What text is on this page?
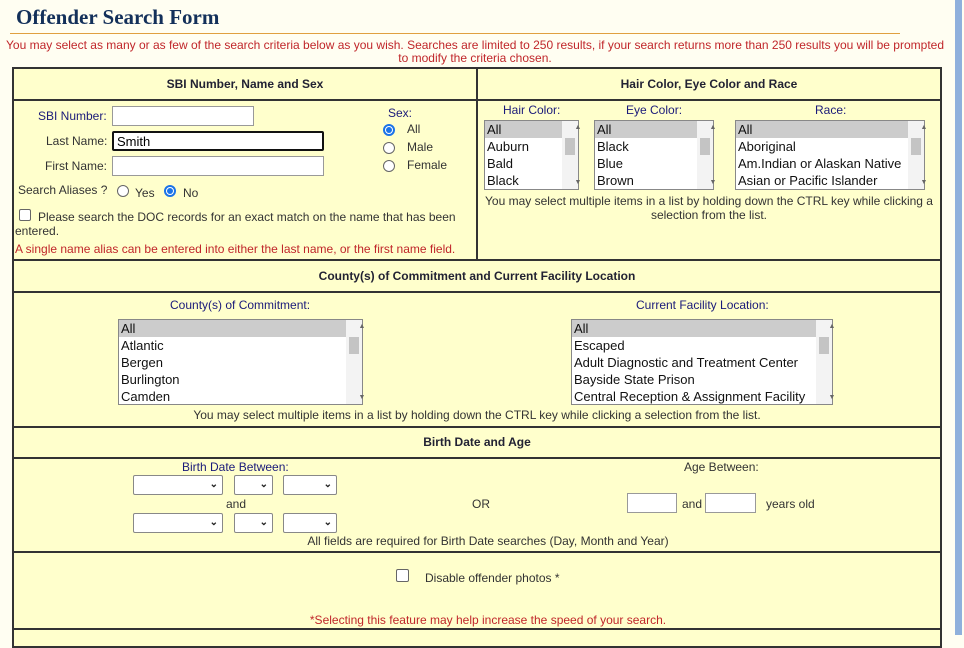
Offender Search Form
You may select as many or as few of the search criteria below as you wish. Searches are limited to 250 results, if your search returns more than 250 results you will be prompted to modify the criteria chosen.
SBI Number, Name and Sex	Hair Color, Eye Color and Race
SBI Number:
Last Name:
Smith
First Name:
Sex:
All
Male
Female
Search Aliases ? Yes No
Please search the DOC records for an exact match on the name that has been entered.
A single name alias can be entered into either the last name, or the first name field.
Hair Color:	Eye Color:	Race:
All
Auburn
Bald
Black
▲
▼
All
Black
Blue
Brown
▲
▼
All
Aboriginal
Am.Indian or Alaskan Native
Asian or Pacific Islander
▲
▼
You may select multiple items in a list by holding down the CTRL key while clicking a selection from the list.
County(s) of Commitment and Current Facility Location
County(s) of Commitment:	Current Facility Location:
All
Atlantic
Bergen
Burlington
Camden
▲
▼
All
Escaped
Adult Diagnostic and Treatment Center
Bayside State Prison
Central Reception & Assignment Facility
▲
▼
You may select multiple items in a list by holding down the CTRL key while clicking a selection from the list.
Birth Date and Age
Birth Date Between:
⌄	⌄	⌄
and
⌄	⌄	⌄
OR
Age Between:
and	years old
All fields are required for Birth Date searches (Day, Month and Year)
Disable offender photos *
*Selecting this feature may help increase the speed of your search.
